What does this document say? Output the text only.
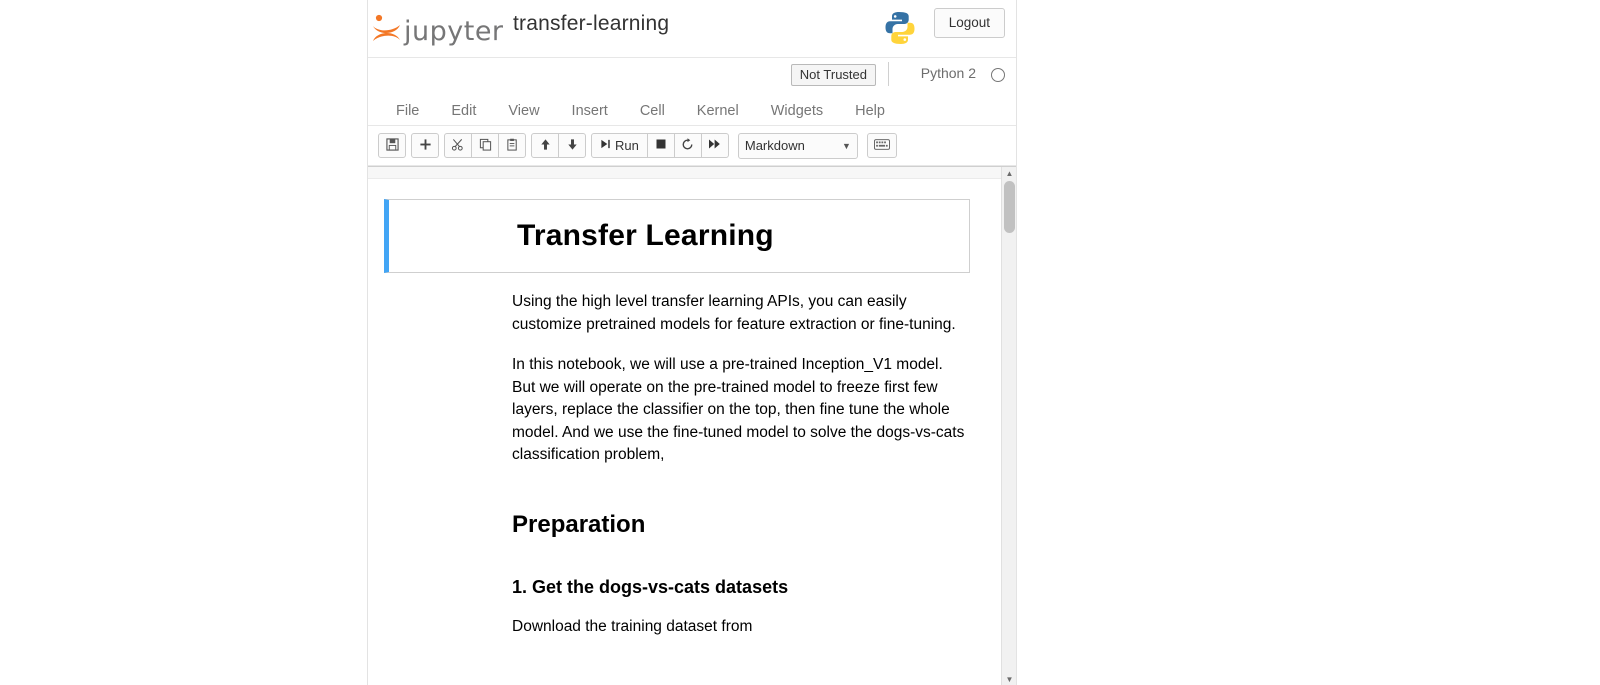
jupyter transfer-learning	Logout
Not Trusted	Python 2
File	Edit	View	Insert	Cell	Kernel	Widgets	Help
Run	Markdown	▼
Transfer Learning

Using the high level transfer learning APIs, you can easily customize pretrained models for feature extraction or fine-tuning.

In this notebook, we will use a pre-trained Inception_V1 model. But we will operate on the pre-trained model to freeze first few layers, replace the classifier on the top, then fine tune the whole model. And we use the fine-tuned model to solve the dogs-vs-cats classification problem,

Preparation
1. Get the dogs-vs-cats datasets

Download the training dataset from

▲
▼
